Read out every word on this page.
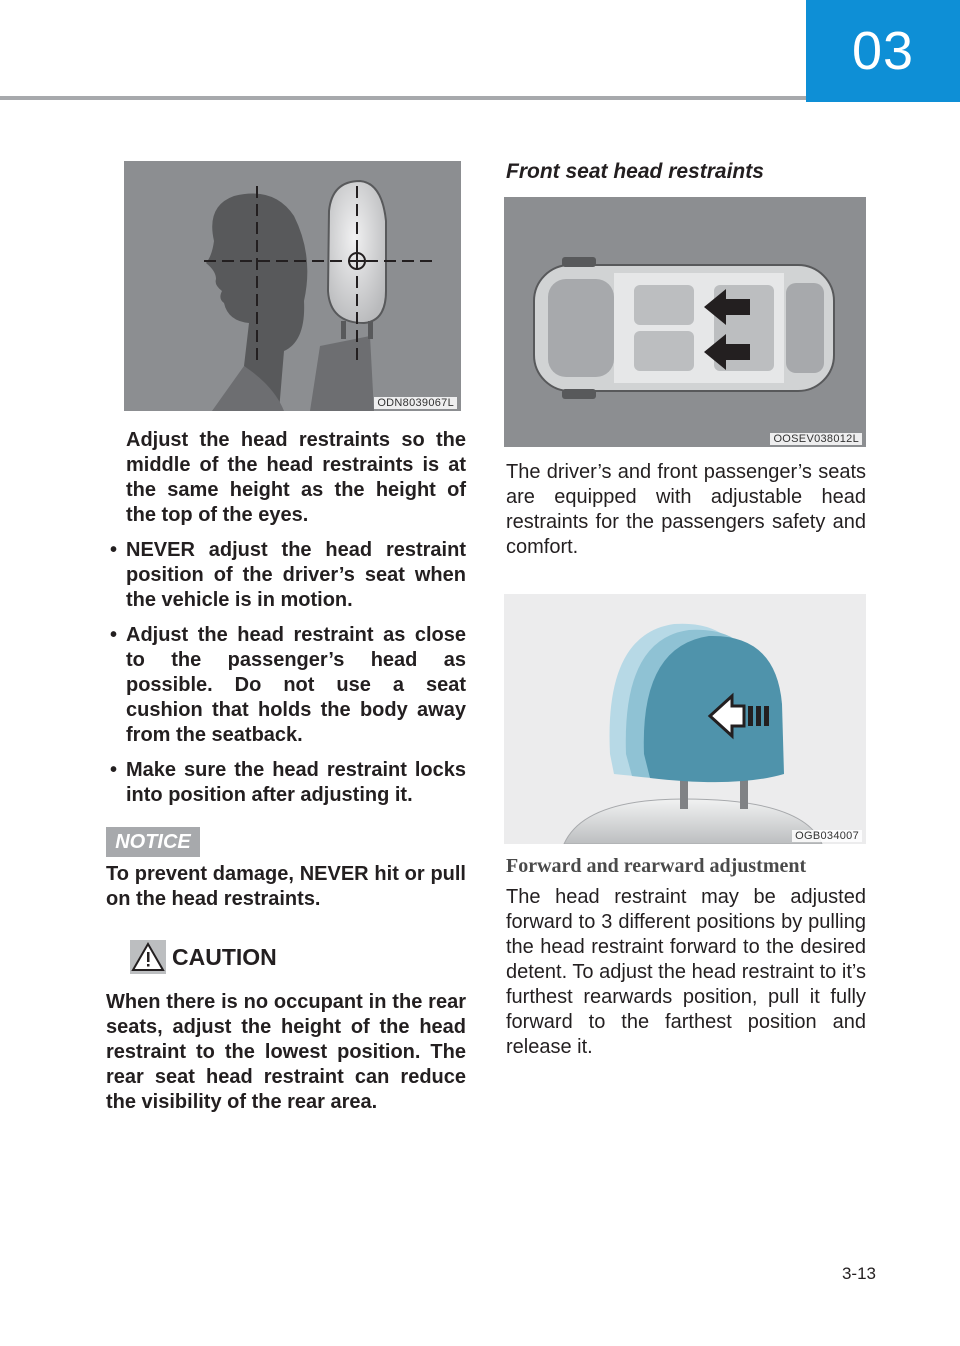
03
ODN8039067L
Adjust the head restraints so the middle of the head restraints is at the same height as the height of the top of the eyes.
• NEVER adjust the head restraint position of the driver’s seat when the vehicle is in motion.
• Adjust the head restraint as close to the passenger’s head as possible. Do not use a seat cushion that holds the body away from the seatback.
• Make sure the head restraint locks into position after adjusting it.
NOTICE
To prevent damage, NEVER hit or pull on the head restraints.
CAUTION
When there is no occupant in the rear seats, adjust the height of the head restraint to the lowest position. The rear seat head restraint can reduce the visibility of the rear area.
Front seat head restraints
OOSEV038012L
The driver’s and front passenger’s seats are equipped with adjustable head restraints for the passengers safety and comfort.
OGB034007
Forward and rearward adjustment
The head restraint may be adjusted forward to 3 different positions by pulling the head restraint forward to the desired detent. To adjust the head restraint to it’s furthest rearwards position, pull it fully forward to the farthest position and release it.
3-13
